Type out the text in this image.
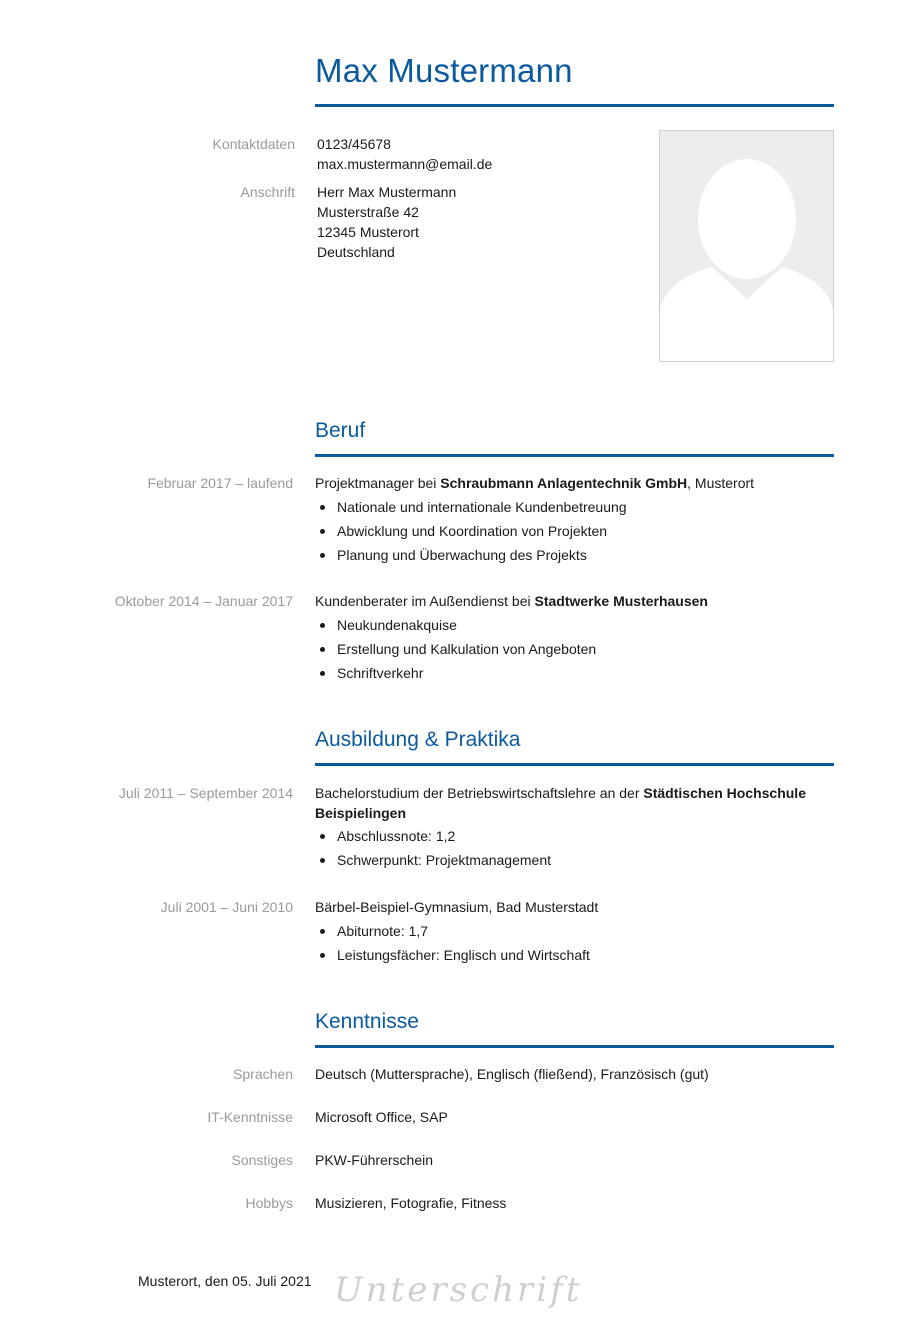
Max Mustermann
Kontaktdaten 0123/45678
max.mustermann@email.de
Anschrift Herr Max Mustermann
Musterstraße 42
12345 Musterort
Deutschland
Beruf
Februar 2017 – laufend Projektmanager bei Schraubmann Anlagentechnik GmbH, Musterort
Nationale und internationale Kundenbetreuung
Abwicklung und Koordination von Projekten
Planung und Überwachung des Projekts
Oktober 2014 – Januar 2017 Kundenberater im Außendienst bei Stadtwerke Musterhausen
Neukundenakquise
Erstellung und Kalkulation von Angeboten
Schriftverkehr
Ausbildung & Praktika
Juli 2011 – September 2014 Bachelorstudium der Betriebswirtschaftslehre an der Städtischen Hochschule Beispielingen
Abschlussnote: 1,2
Schwerpunkt: Projektmanagement
Juli 2001 – Juni 2010 Bärbel-Beispiel-Gymnasium, Bad Musterstadt
Abiturnote: 1,7
Leistungsfächer: Englisch und Wirtschaft
Kenntnisse
Sprachen Deutsch (Muttersprache), Englisch (fließend), Französisch (gut)
IT-Kenntnisse Microsoft Office, SAP
Sonstiges PKW-Führerschein
Hobbys Musizieren, Fotografie, Fitness
Musterort, den 05. Juli 2021 Unterschrift
